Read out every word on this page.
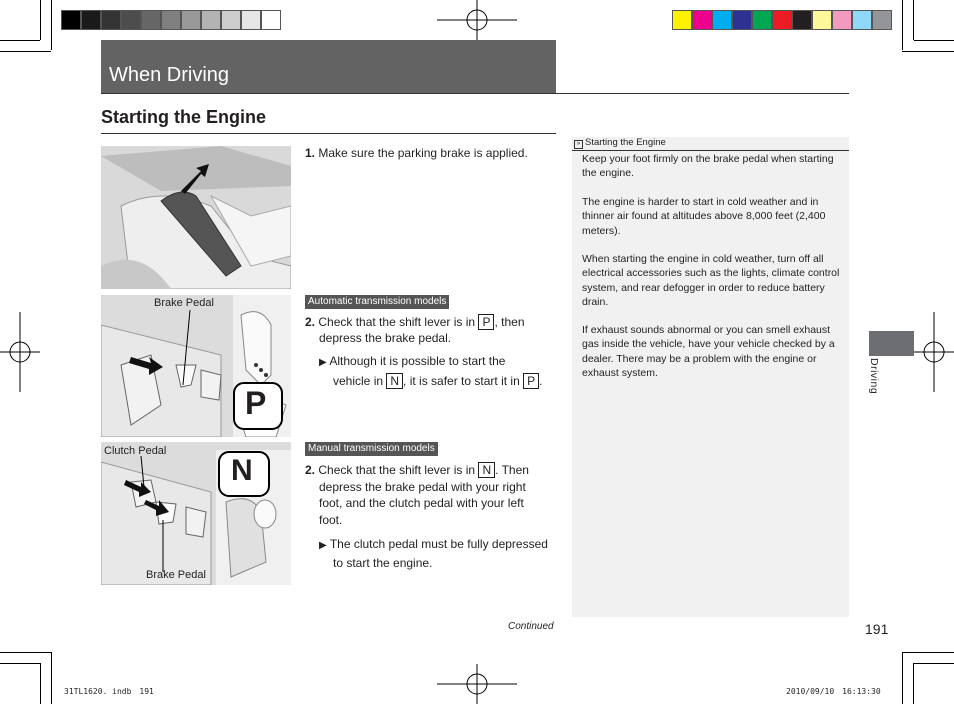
When Driving
Starting the Engine
1. Make sure the parking brake is applied.
Brake Pedal
P
Automatic transmission models
2. Check that the shift lever is in P , then
depress the brake pedal.
▶ Although it is possible to start the
vehicle in N , it is safer to start it in P .
Clutch Pedal
Brake Pedal
N
Manual transmission models
2. Check that the shift lever is in N . Then
depress the brake pedal with your right
foot, and the clutch pedal with your left
foot.
▶ The clutch pedal must be fully depressed
to start the engine.
» Starting the Engine
Keep your foot firmly on the brake pedal when starting the engine.
The engine is harder to start in cold weather and in thinner air found at altitudes above 8,000 feet (2,400 meters).
When starting the engine in cold weather, turn off all electrical accessories such as the lights, climate control system, and rear defogger in order to reduce battery drain.
If exhaust sounds abnormal or you can smell exhaust gas inside the vehicle, have your vehicle checked by a dealer. There may be a problem with the engine or exhaust system.	Driving
Continued	191
31TL1620. indb　191	2010/09/10　16:13:30
